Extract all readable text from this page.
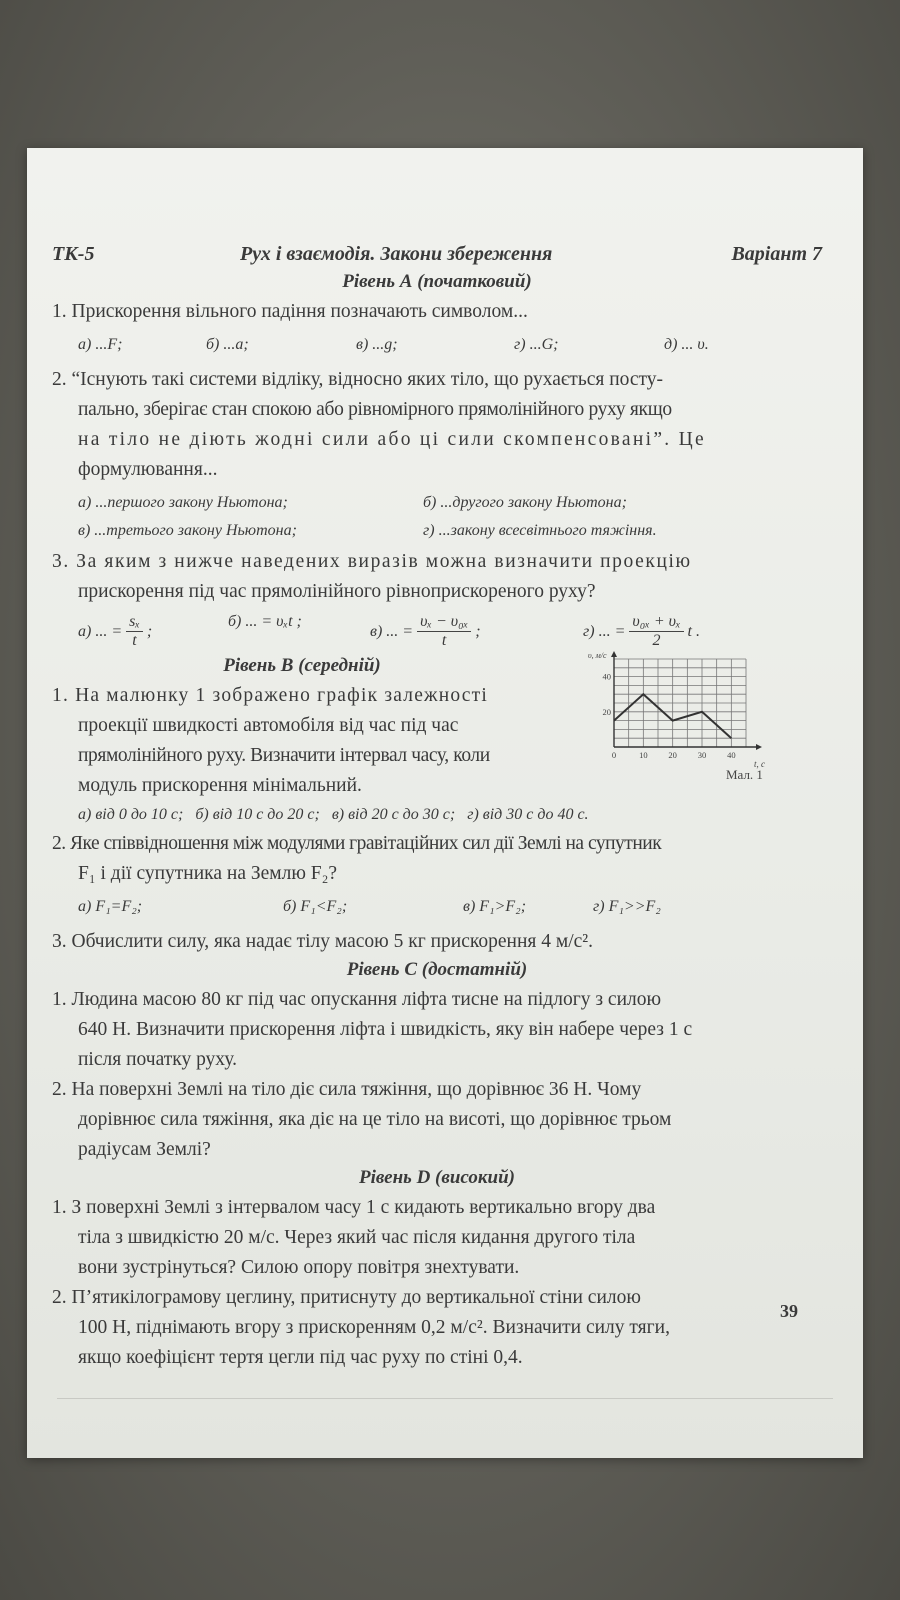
ТК-5	Рух і взаємодія. Закони збереження	Варіант 7
Рівень А (початковий)

1. Прискорення вільного падіння позначають символом...

а) ...F;	б) ...a;	в) ...g;	г) ...G;	д) ... υ.

2. “Існують такі системи відліку, відносно яких тіло, що рухається посту-

пально, зберігає стан спокою або рівномірного прямолінійного руху якщо

на тіло не діють жодні сили або ці сили скомпенсовані”. Це

формулювання...

а) ...першого закону Ньютона;	б) ...другого закону Ньютона;
в) ...третього закону Ньютона;	г) ...закону всесвітнього тяжіння.

3. За яким з нижче наведених виразів можна визначити проекцію

прискорення під час прямолінійного рівноприскореного руху?

а) ... = $\frac{\text{sₓ}}{t}$ ;
б) ... = υₓt ;
в) ... = $\frac{\text{υₓ − υ₀ₓ}}{t}$ ;	г) ... = $\frac{\text{υ₀ₓ + υₓ}}{2}$ t .
Рівень В (середній)

1. На малюнку 1 зображено графік залежності

проекції швидкості автомобіля від час під час

прямолінійного руху. Визначити інтервал часу, коли

модуль прискорення мінімальний.

0	10 20 30 40
20
40
υ, м/с
t, c
Мал. 1
а) від 0 до 10 с;   б) від 10 с до 20 с;   в) від 20 с до 30 с;   г) від 30 с до 40 с.

2. Яке співвідношення між модулями гравітаційних сил дії Землі на супутник

F₁ і дії супутника на Землю F₂?

а) F₁=F₂;	б) F₁<F₂;	в) F₁>F₂;	г) F₁>>F₂

3. Обчислити силу, яка надає тілу масою 5 кг прискорення 4 м/с².

Рівень С (достатній)

1. Людина масою 80 кг під час опускання ліфта тисне на підлогу з силою

640 Н. Визначити прискорення ліфта і швидкість, яку він набере через 1 с

після початку руху.

2. На поверхні Землі на тіло діє сила тяжіння, що дорівнює 36 Н. Чому

дорівнює сила тяжіння, яка діє на це тіло на висоті, що дорівнює трьом

радіусам Землі?

Рівень D (високий)

1. З поверхні Землі з інтервалом часу 1 с кидають вертикально вгору два

тіла з швидкістю 20 м/с. Через який час після кидання другого тіла

вони зустрінуться? Силою опору повітря знехтувати.

2. П’ятикілограмову цеглину, притиснуту до вертикальної стіни силою

100 Н, піднімають вгору з прискоренням 0,2 м/с². Визначити силу тяги,

якщо коефіцієнт тертя цегли під час руху по стіні 0,4.

39
